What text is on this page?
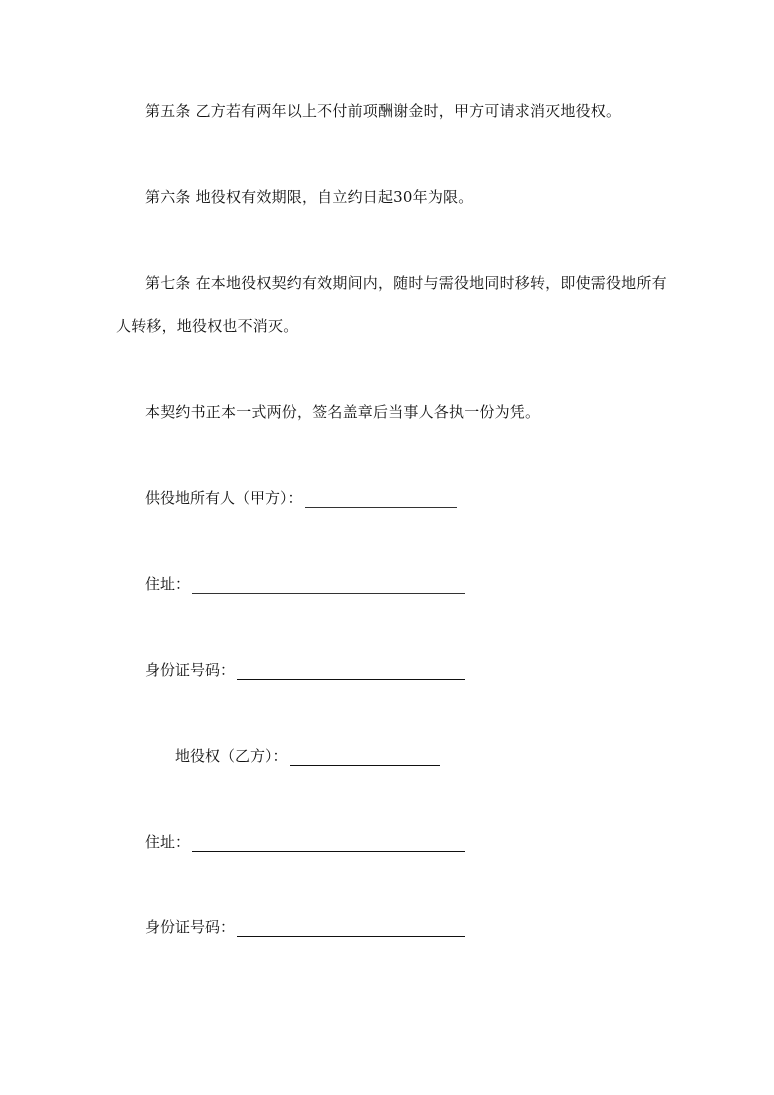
第五条 乙方若有两年以上不付前项酬谢金时，甲方可请求消灭地役权。
第六条 地役权有效期限，自立约日起30年为限。
第七条 在本地役权契约有效期间内，随时与需役地同时移转，即使需役地所有
人转移，地役权也不消灭。
本契约书正本一式两份，签名盖章后当事人各执一份为凭。
供役地所有人（甲方）：
住址：
身份证号码：
地役权（乙方）：
住址：
身份证号码：
